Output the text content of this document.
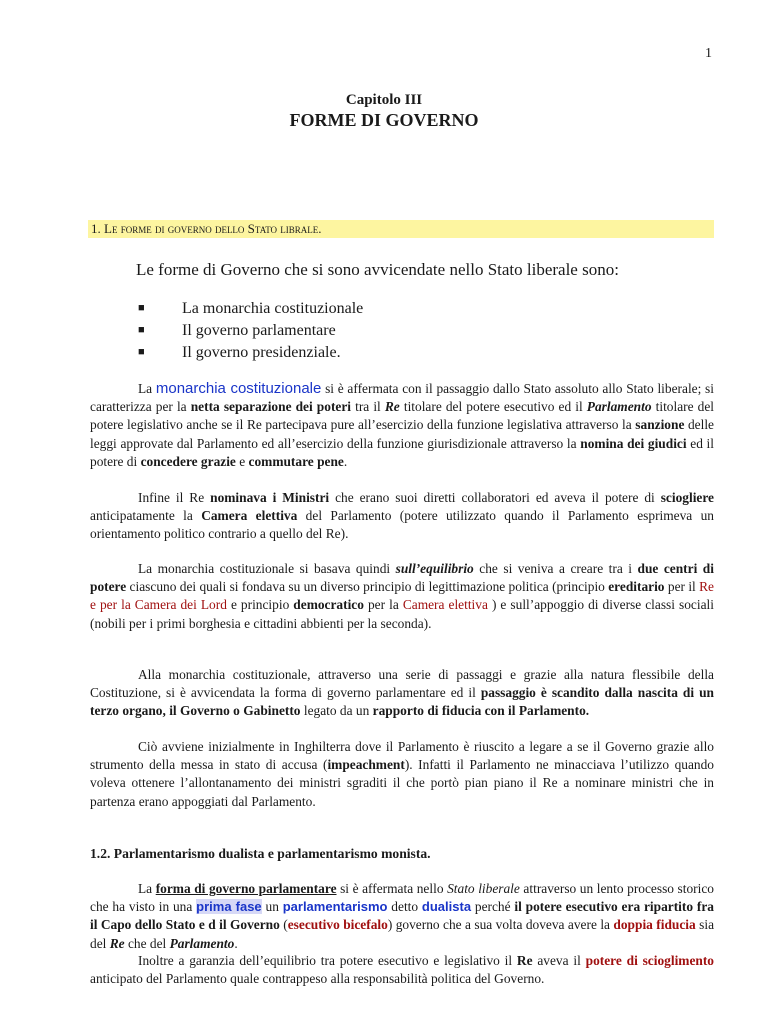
1
Capitolo III
FORME DI GOVERNO
1. Le forme di governo dello Stato librale.
Le forme di Governo che si sono avvicendate nello Stato liberale sono:
■ La monarchia costituzionale
■ Il governo parlamentare
■ Il governo presidenziale.
La monarchia costituzionale si è affermata con il passaggio dallo Stato assoluto allo Stato liberale; si caratterizza per la netta separazione dei poteri tra il Re titolare del potere esecutivo ed il Parlamento titolare del potere legislativo anche se il Re partecipava pure all’esercizio della funzione legislativa attraverso la sanzione delle leggi approvate dal Parlamento ed all’esercizio della funzione giurisdizionale attraverso la nomina dei giudici ed il potere di concedere grazie e commutare pene.
Infine il Re nominava i Ministri che erano suoi diretti collaboratori ed aveva il potere di sciogliere anticipatamente la Camera elettiva del Parlamento (potere utilizzato quando il Parlamento esprimeva un orientamento politico contrario a quello del Re).
La monarchia costituzionale si basava quindi sull’equilibrio che si veniva a creare tra i due centri di potere ciascuno dei quali si fondava su un diverso principio di legittimazione politica (principio ereditario per il Re e per la Camera dei Lord e principio democratico per la Camera elettiva ) e sull’appoggio di diverse classi sociali (nobili per i primi borghesia e cittadini abbienti per la seconda).
Alla monarchia costituzionale, attraverso una serie di passaggi e grazie alla natura flessibile della Costituzione, si è avvicendata la forma di governo parlamentare ed il passaggio è scandito dalla nascita di un terzo organo, il Governo o Gabinetto legato da un rapporto di fiducia con il Parlamento.
Ciò avviene inizialmente in Inghilterra dove il Parlamento è riuscito a legare a se il Governo grazie allo strumento della messa in stato di accusa (impeachment). Infatti il Parlamento ne minacciava l’utilizzo quando voleva ottenere l’allontanamento dei ministri sgraditi il che portò pian piano il Re a nominare ministri che in partenza erano appoggiati dal Parlamento.
1.2. Parlamentarismo dualista e parlamentarismo monista.
La forma di governo parlamentare si è affermata nello Stato liberale attraverso un lento processo storico che ha visto in una prima fase un parlamentarismo detto dualista perché il potere esecutivo era ripartito fra il Capo dello Stato e d il Governo (esecutivo bicefalo) governo che a sua volta doveva avere la doppia fiducia sia del Re che del Parlamento.
Inoltre a garanzia dell’equilibrio tra potere esecutivo e legislativo il Re aveva il potere di scioglimento anticipato del Parlamento quale contrappeso alla responsabilità politica del Governo.
